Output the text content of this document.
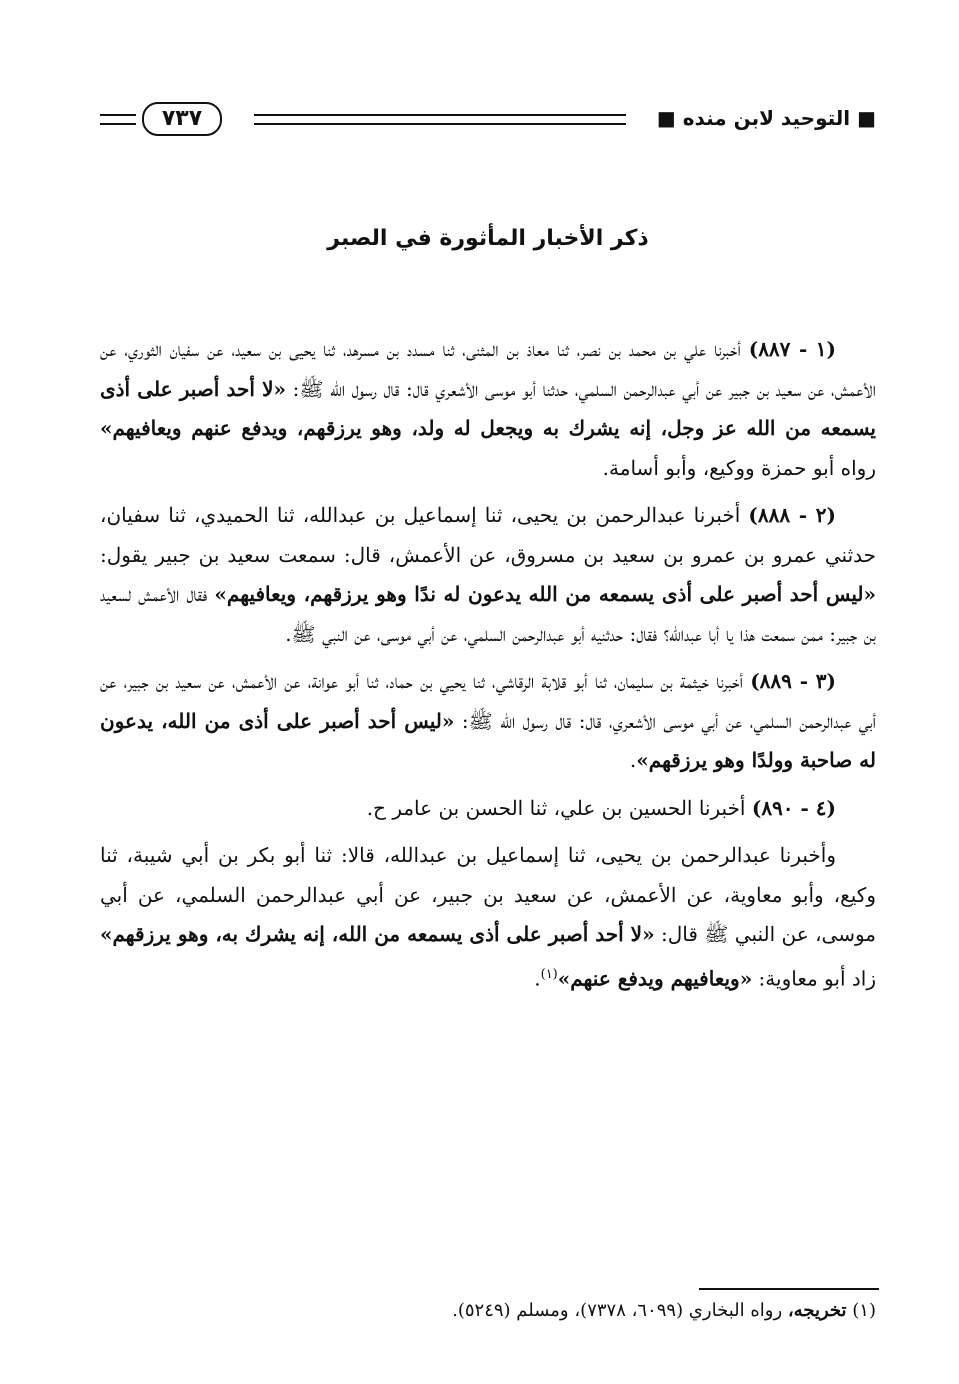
■ التوحيد لابن منده ■
٧٣٧
ذكر الأخبار المأثورة في الصبر

(١ - ٨٨٧) أخبرنا علي بن محمد بن نصر، ثنا معاذ بن المثنى، ثنا مسدد بن مسرهد، ثنا يحيى بن سعيد، عن سفيان الثوري، عن الأعمش، عن سعيد بن جبير عن أبي عبدالرحمن السلمي، حدثنا أبو موسى الأشعري قال: قال رسول الله ﷺ: «لا أحد أصبر على أذى يسمعه من الله عز وجل، إنه يشرك به ويجعل له ولد، وهو يرزقهم، ويدفع عنهم ويعافيهم» رواه أبو حمزة ووكيع، وأبو أسامة.

(٢ - ٨٨٨) أخبرنا عبدالرحمن بن يحيى، ثنا إسماعيل بن عبدالله، ثنا الحميدي، ثنا سفيان، حدثني عمرو بن عمرو بن سعيد بن مسروق، عن الأعمش، قال: سمعت سعيد بن جبير يقول: «ليس أحد أصبر على أذى يسمعه من الله يدعون له ندًا وهو يرزقهم، ويعافيهم» فقال الأعمش لسعيد بن جبير: ممن سمعت هذا يا أبا عبدالله؟ فقال: حدثنيه أبو عبدالرحمن السلمي، عن أبي موسى، عن النبي ﷺ.

(٣ - ٨٨٩) أخبرنا خيثمة بن سليمان، ثنا أبو قلابة الرقاشي، ثنا يحيي بن حماد، ثنا أبو عوانة، عن الأعمش، عن سعيد بن جبير، عن أبي عبدالرحمن السلمي، عن أبي موسى الأشعري، قال: قال رسول الله ﷺ: «ليس أحد أصبر على أذى من الله، يدعون له صاحبة وولدًا وهو يرزقهم».

(٤ - ٨٩٠) أخبرنا الحسين بن علي، ثنا الحسن بن عامر ح.

وأخبرنا عبدالرحمن بن يحيى، ثنا إسماعيل بن عبدالله، قالا: ثنا أبو بكر بن أبي شيبة، ثنا وكيع، وأبو معاوية، عن الأعمش، عن سعيد بن جبير، عن أبي عبدالرحمن السلمي، عن أبي موسى، عن النبي ﷺ قال: «لا أحد أصبر على أذى يسمعه من الله، إنه يشرك به، وهو يرزقهم» زاد أبو معاوية: «ويعافيهم ويدفع عنهم»$^{(١)}$.

(١) تخريجه، رواه البخاري (٦٠٩٩، ٧٣٧٨)، ومسلم (٥٢٤٩).
